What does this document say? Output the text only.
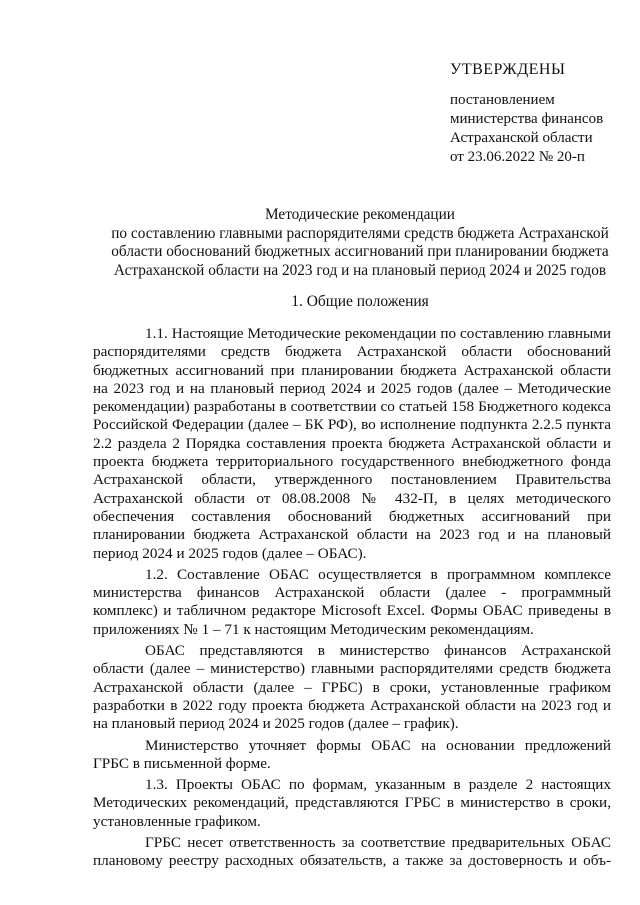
УТВЕРЖДЕНЫ
постановлением
министерства финансов
Астраханской области
от 23.06.2022 № 20-п
Методические рекомендации
по составлению главными распорядителями средств бюджета Астраханской
области обоснований бюджетных ассигнований при планировании бюджета
Астраханской области на 2023 год и на плановый период 2024 и 2025 годов
1. Общие положения

1.1. Настоящие Методические рекомендации по составлению главными распорядителями средств бюджета Астраханской области обоснований бюджетных ассигнований при планировании бюджета Астраханской области на 2023 год и на плановый период 2024 и 2025 годов (далее – Методические рекомендации) разработаны в соответствии со статьей 158 Бюджетного кодекса Российской Федерации (далее – БК РФ), во исполнение подпункта 2.2.5 пункта 2.2 раздела 2 Порядка составления проекта бюджета Астраханской области и проекта бюджета территориального государственного внебюджетного фонда Астраханской области, утвержденного постановлением Правительства Астраханской области от 08.08.2008 № 432-П, в целях методического обеспечения составления обоснований бюджетных ассигнований при планировании бюджета Астраханской области на 2023 год и на плановый период 2024 и 2025 годов (далее – ОБАС).

1.2. Составление ОБАС осуществляется в программном комплексе министерства финансов Астраханской области (далее - программный комплекс) и табличном редакторе Microsoft Excel. Формы ОБАС приведены в приложениях № 1 – 71 к настоящим Методическим рекомендациям.

ОБАС представляются в министерство финансов Астраханской области (далее – министерство) главными распорядителями средств бюджета Астраханской области (далее – ГРБС) в сроки, установленные графиком разработки в 2022 году проекта бюджета Астраханской области на 2023 год и на плановый период 2024 и 2025 годов (далее – график).

Министерство уточняет формы ОБАС на основании предложений ГРБС в письменной форме.

1.3. Проекты ОБАС по формам, указанным в разделе 2 настоящих Методических рекомендаций, представляются ГРБС в министерство в сроки, установленные графиком.

ГРБС несет ответственность за соответствие предварительных ОБАС плановому реестру расходных обязательств, а также за достоверность и объ-
